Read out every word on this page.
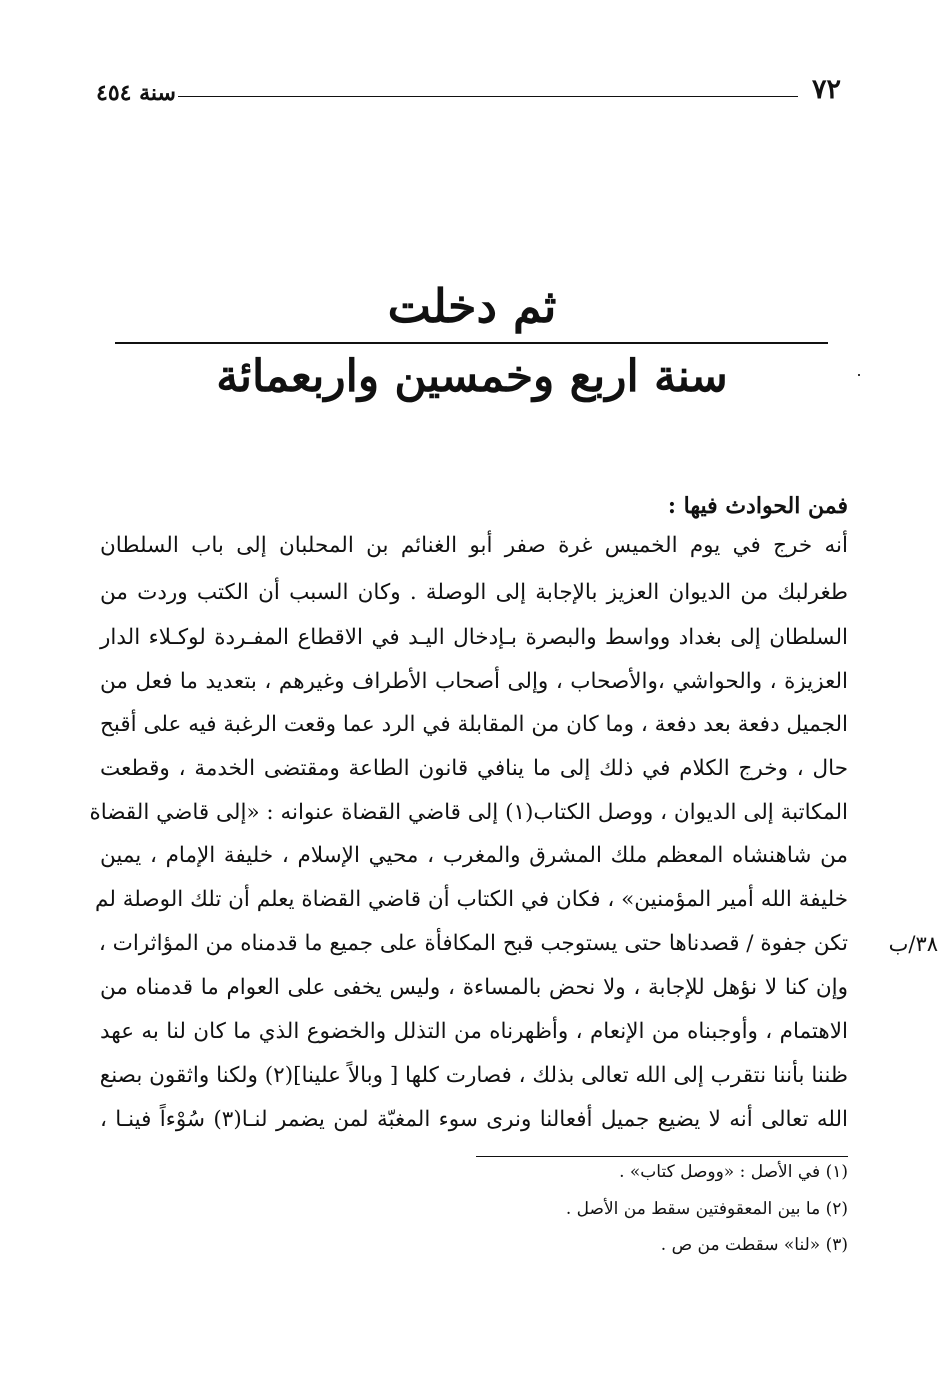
٧٢
سنة ٤٥٤
ثم دخلت
سنة اربع وخمسين واربعمائة
فمن الحوادث فيها :
أنه خرج في يوم الخميس غرة صفر أبو الغنائم بن المحلبان إلى باب السلطان
طغرلبك من الديوان العزيز بالإجابة إلى الوصلة . وكان السبب أن الكتب وردت من
السلطان إلى بغداد وواسط والبصرة بـإدخال اليـد في الاقطاع المفـردة لوكـلاء الدار
العزيزة ، والحواشي ،والأصحاب ، وإلى أصحاب الأطراف وغيرهم ، بتعديد ما فعل من
الجميل دفعة بعد دفعة ، وما كان من المقابلة في الرد عما وقعت الرغبة فيه على أقبح
حال ، وخرج الكلام في ذلك إلى ما ينافي قانون الطاعة ومقتضى الخدمة ، وقطعت
المكاتبة إلى الديوان ، ووصل الكتاب(١) إلى قاضي القضاة عنوانه : «إلى قاضي القضاة
من شاهنشاه المعظم ملك المشرق والمغرب ، محيي الإسلام ، خليفة الإمام ، يمين
خليفة الله أمير المؤمنين» ، فكان في الكتاب أن قاضي القضاة يعلم أن تلك الوصلة لم
تكن جفوة / قصدناها حتى يستوجب قبح المكافأة على جميع ما قدمناه من المؤاثرات ،
وإن كنا لا نؤهل للإجابة ، ولا نحض بالمساءة ، وليس يخفى على العوام ما قدمناه من
الاهتمام ، وأوجبناه من الإنعام ، وأظهرناه من التذلل والخضوع الذي ما كان لنا به عهد
ظننا بأننا نتقرب إلى الله تعالى بذلك ، فصارت كلها [ وبالاً علينا](٢) ولكنا واثقون بصنع
الله تعالى أنه لا يضيع جميل أفعالنا ونرى سوء المغبّة لمن يضمر لنـا(٣) سُوْءاً فينـا ،
٣٨/ب
(١) في الأصل : «ووصل كتاب» .
(٢) ما بين المعقوفتين سقط من الأصل .
(٣) «لنا» سقطت من ص .
